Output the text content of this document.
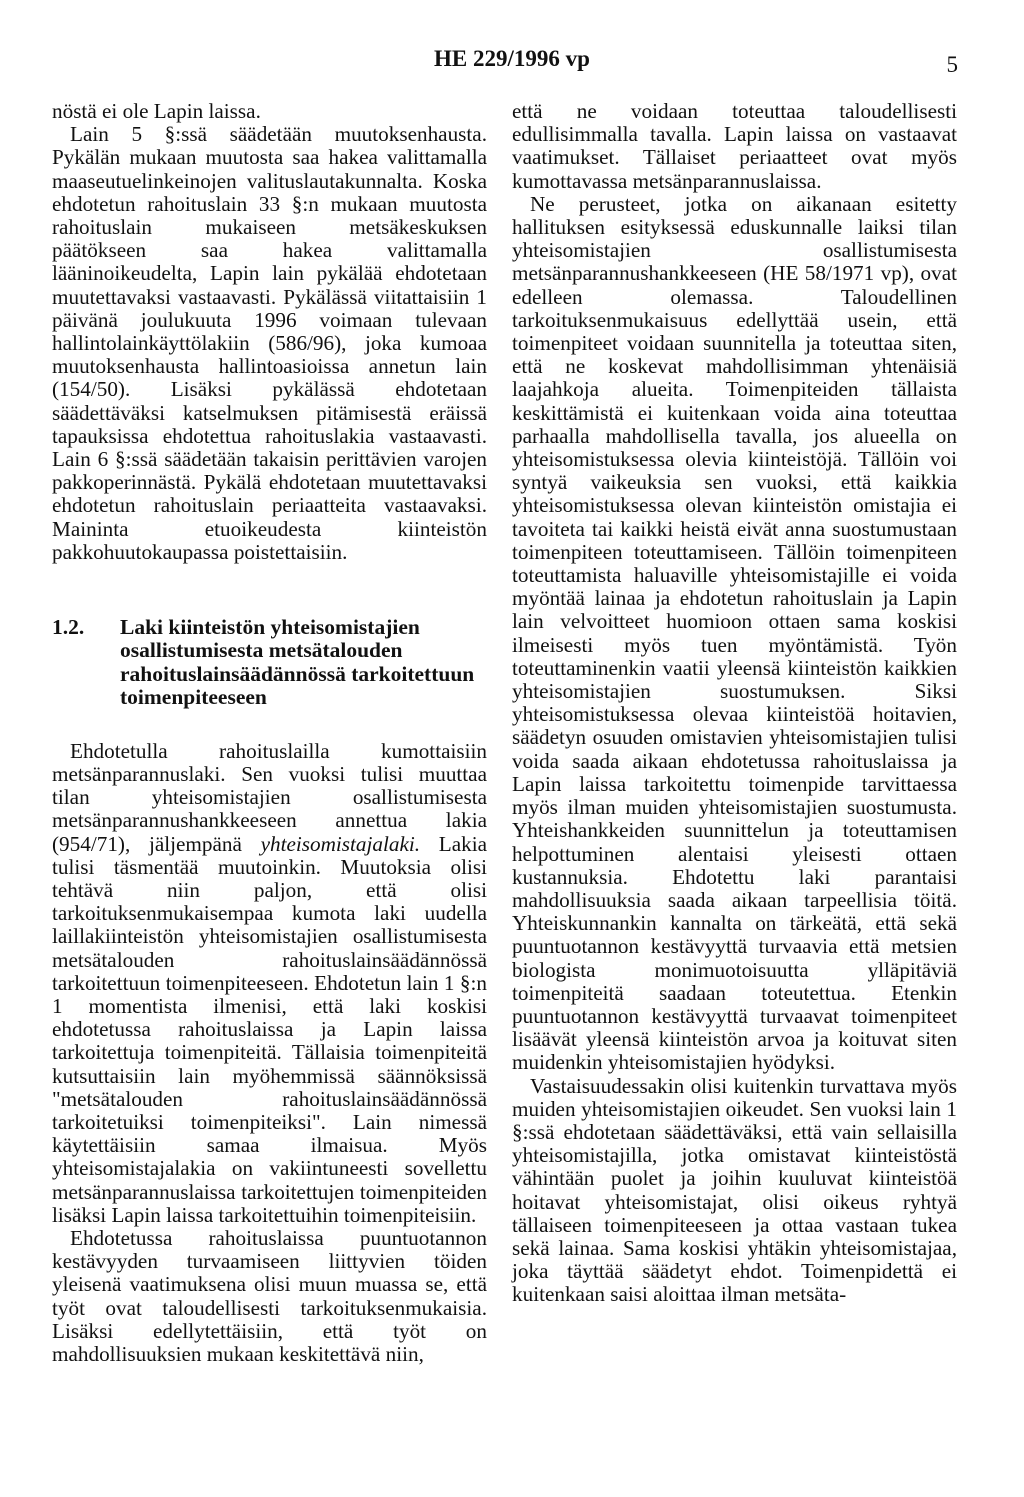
HE 229/1996 vp	5

nöstä ei ole Lapin laissa.

Lain 5 §:ssä säädetään muutoksenhausta. Pykälän mukaan muutosta saa hakea valittamalla maaseutuelinkeinojen valituslautakunnalta. Koska ehdotetun rahoituslain 33 §:n mukaan muutosta rahoituslain mukaiseen metsäkeskuksen päätökseen saa hakea valittamalla lääninoikeudelta, Lapin lain pykälää ehdotetaan muutettavaksi vastaavasti. Pykälässä viitattaisiin 1 päivänä joulukuuta 1996 voimaan tulevaan hallintolainkäyttölakiin (586/96), joka kumoaa muutoksenhausta hallintoasioissa annetun lain (154/50). Lisäksi pykälässä ehdotetaan säädettäväksi katselmuksen pitämisestä eräissä tapauksissa ehdotettua rahoituslakia vastaavasti. Lain 6 §:ssä säädetään takaisin perittävien varojen pakkoperinnästä. Pykälä ehdotetaan muutettavaksi ehdotetun rahoituslain periaatteita vastaavaksi. Maininta etuoikeudesta kiinteistön pakkohuutokaupassa poistettaisiin.

1.2.	Laki kiinteistön yhteisomistajien osallistumisesta metsätalouden rahoituslainsäädännössä tarkoitettuun toimenpiteeseen

Ehdotetulla rahoituslailla kumottaisiin metsänparannuslaki. Sen vuoksi tulisi muuttaa tilan yhteisomistajien osallistumisesta metsänparannushankkeeseen annettua lakia (954/71), jäljempänä yhteisomistajalaki. Lakia tulisi täsmentää muutoinkin. Muutoksia olisi tehtävä niin paljon, että olisi tarkoituksenmukaisempaa kumota laki uudella laillakiinteistön yhteisomistajien osallistumisesta metsätalouden rahoituslainsäädännössä tarkoitettuun toimenpiteeseen. Ehdotetun lain 1 §:n 1 momentista ilmenisi, että laki koskisi ehdotetussa rahoituslaissa ja Lapin laissa tarkoitettuja toimenpiteitä. Tällaisia toimenpiteitä kutsuttaisiin lain myöhemmissä säännöksissä "metsätalouden rahoituslainsäädännössä tarkoitetuiksi toimenpiteiksi". Lain nimessä käytettäisiin samaa ilmaisua. Myös yhteisomistajalakia on vakiintuneesti sovellettu metsänparannuslaissa tarkoitettujen toimenpiteiden lisäksi Lapin laissa tarkoitettuihin toimenpiteisiin.

Ehdotetussa rahoituslaissa puuntuotannon kestävyyden turvaamiseen liittyvien töiden yleisenä vaatimuksena olisi muun muassa se, että työt ovat taloudellisesti tarkoituksenmukaisia. Lisäksi edellytettäisiin, että työt on mahdollisuuksien mukaan keskitettävä niin,

että ne voidaan toteuttaa taloudellisesti edullisimmalla tavalla. Lapin laissa on vastaavat vaatimukset. Tällaiset periaatteet ovat myös kumottavassa metsänparannuslaissa.

Ne perusteet, jotka on aikanaan esitetty hallituksen esityksessä eduskunnalle laiksi tilan yhteisomistajien osallistumisesta metsänparannushankkeeseen (HE 58/1971 vp), ovat edelleen olemassa. Taloudellinen tarkoituksenmukaisuus edellyttää usein, että toimenpiteet voidaan suunnitella ja toteuttaa siten, että ne koskevat mahdollisimman yhtenäisiä laajahkoja alueita. Toimenpiteiden tällaista keskittämistä ei kuitenkaan voida aina toteuttaa parhaalla mahdollisella tavalla, jos alueella on yhteisomistuksessa olevia kiinteistöjä. Tällöin voi syntyä vaikeuksia sen vuoksi, että kaikkia yhteisomistuksessa olevan kiinteistön omistajia ei tavoiteta tai kaikki heistä eivät anna suostumustaan toimenpiteen toteuttamiseen. Tällöin toimenpiteen toteuttamista haluaville yhteisomistajille ei voida myöntää lainaa ja ehdotetun rahoituslain ja Lapin lain velvoitteet huomioon ottaen sama koskisi ilmeisesti myös tuen myöntämistä. Työn toteuttaminenkin vaatii yleensä kiinteistön kaikkien yhteisomistajien suostumuksen. Siksi yhteisomistuksessa olevaa kiinteistöä hoitavien, säädetyn osuuden omistavien yhteisomistajien tulisi voida saada aikaan ehdotetussa rahoituslaissa ja Lapin laissa tarkoitettu toimenpide tarvittaessa myös ilman muiden yhteisomistajien suostumusta. Yhteishankkeiden suunnittelun ja toteuttamisen helpottuminen alentaisi yleisesti ottaen kustannuksia. Ehdotettu laki parantaisi mahdollisuuksia saada aikaan tarpeellisia töitä. Yhteiskunnankin kannalta on tärkeätä, että sekä puuntuotannon kestävyyttä turvaavia että metsien biologista monimuotoisuutta ylläpitäviä toimenpiteitä saadaan toteutettua. Etenkin puuntuotannon kestävyyttä turvaavat toimenpiteet lisäävät yleensä kiinteistön arvoa ja koituvat siten muidenkin yhteisomistajien hyödyksi.

Vastaisuudessakin olisi kuitenkin turvattava myös muiden yhteisomistajien oikeudet. Sen vuoksi lain 1 §:ssä ehdotetaan säädettäväksi, että vain sellaisilla yhteisomistajilla, jotka omistavat kiinteistöstä vähintään puolet ja joihin kuuluvat kiinteistöä hoitavat yhteisomistajat, olisi oikeus ryhtyä tällaiseen toimenpiteeseen ja ottaa vastaan tukea sekä lainaa. Sama koskisi yhtäkin yhteisomistajaa, joka täyttää säädetyt ehdot. Toimenpidettä ei kuitenkaan saisi aloittaa ilman metsäta-
